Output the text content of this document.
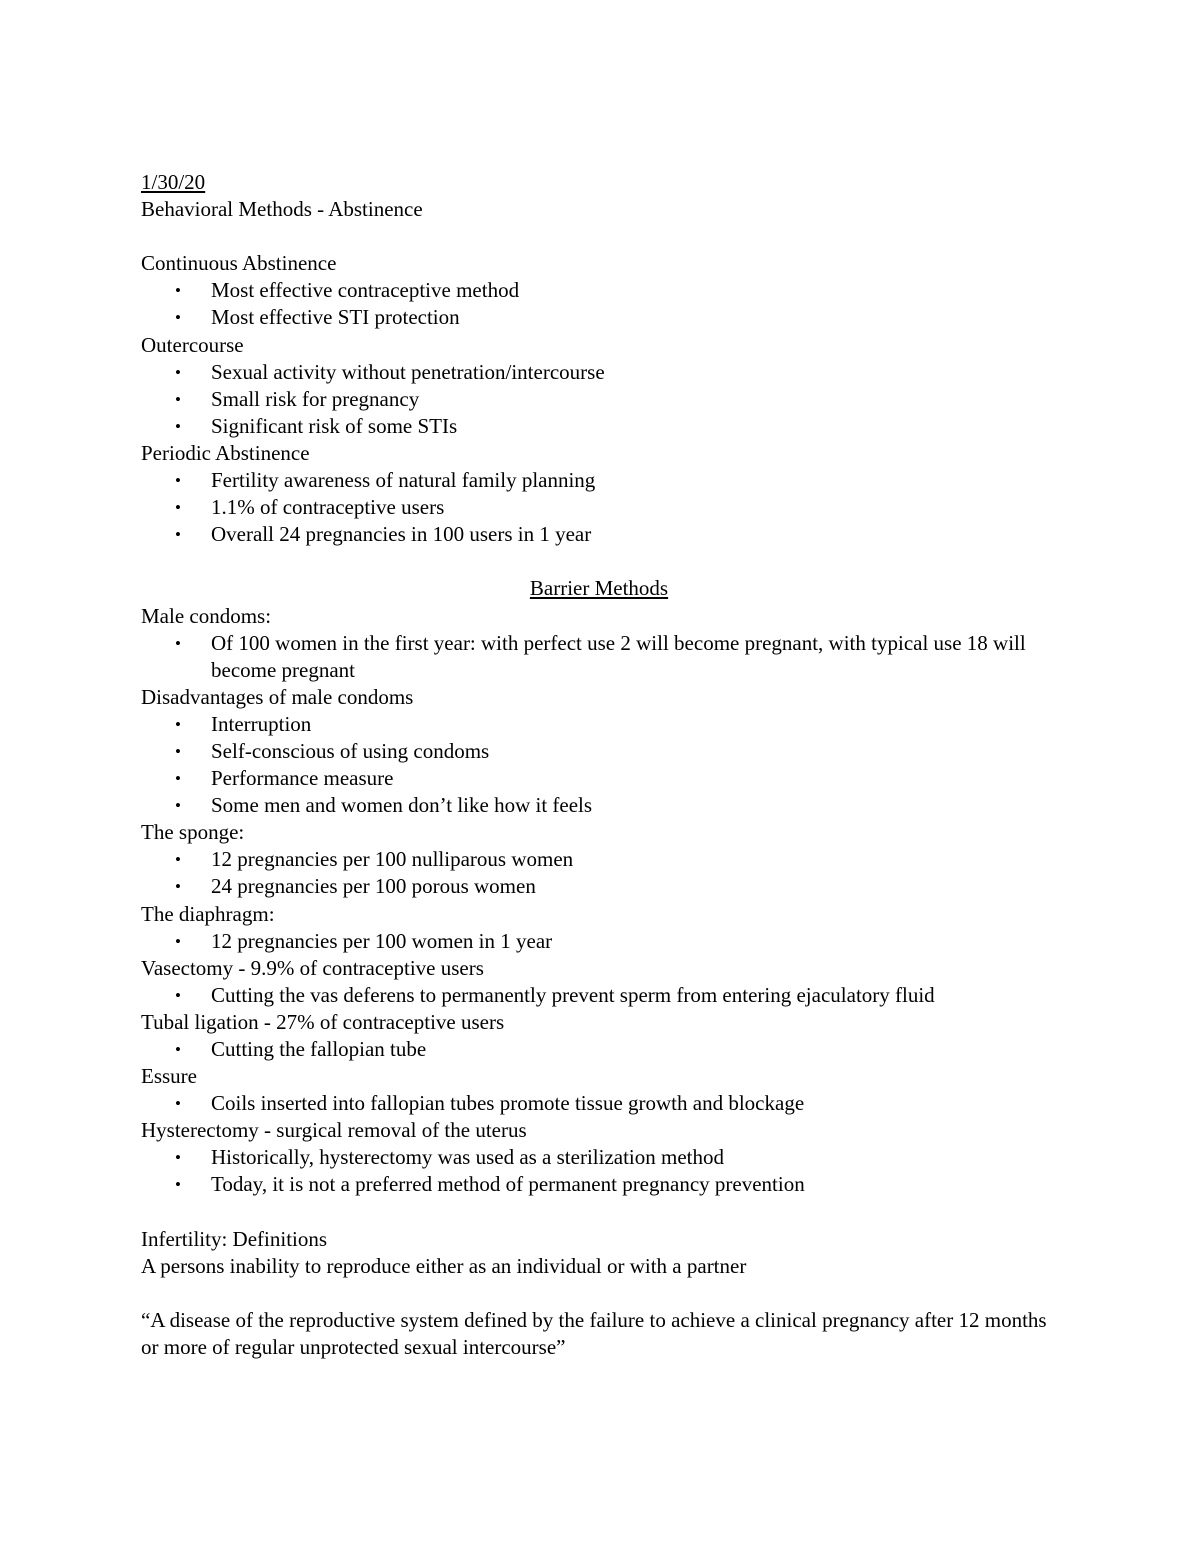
1/30/20
Behavioral Methods - Abstinence
Continuous Abstinence
• Most effective contraceptive method
• Most effective STI protection
Outercourse
• Sexual activity without penetration/intercourse
• Small risk for pregnancy
• Significant risk of some STIs
Periodic Abstinence
• Fertility awareness of natural family planning
• 1.1% of contraceptive users
• Overall 24 pregnancies in 100 users in 1 year
Barrier Methods
Male condoms:
• Of 100 women in the first year: with perfect use 2 will become pregnant, with typical use 18 will become pregnant
Disadvantages of male condoms
• Interruption
• Self-conscious of using condoms
• Performance measure
• Some men and women don’t like how it feels
The sponge:
• 12 pregnancies per 100 nulliparous women
• 24 pregnancies per 100 porous women
The diaphragm:
• 12 pregnancies per 100 women in 1 year
Vasectomy - 9.9% of contraceptive users
• Cutting the vas deferens to permanently prevent sperm from entering ejaculatory fluid
Tubal ligation - 27% of contraceptive users
• Cutting the fallopian tube
Essure
• Coils inserted into fallopian tubes promote tissue growth and blockage
Hysterectomy - surgical removal of the uterus
• Historically, hysterectomy was used as a sterilization method
• Today, it is not a preferred method of permanent pregnancy prevention
Infertility: Definitions
A persons inability to reproduce either as an individual or with a partner
“A disease of the reproductive system defined by the failure to achieve a clinical pregnancy after 12 months or more of regular unprotected sexual intercourse”
